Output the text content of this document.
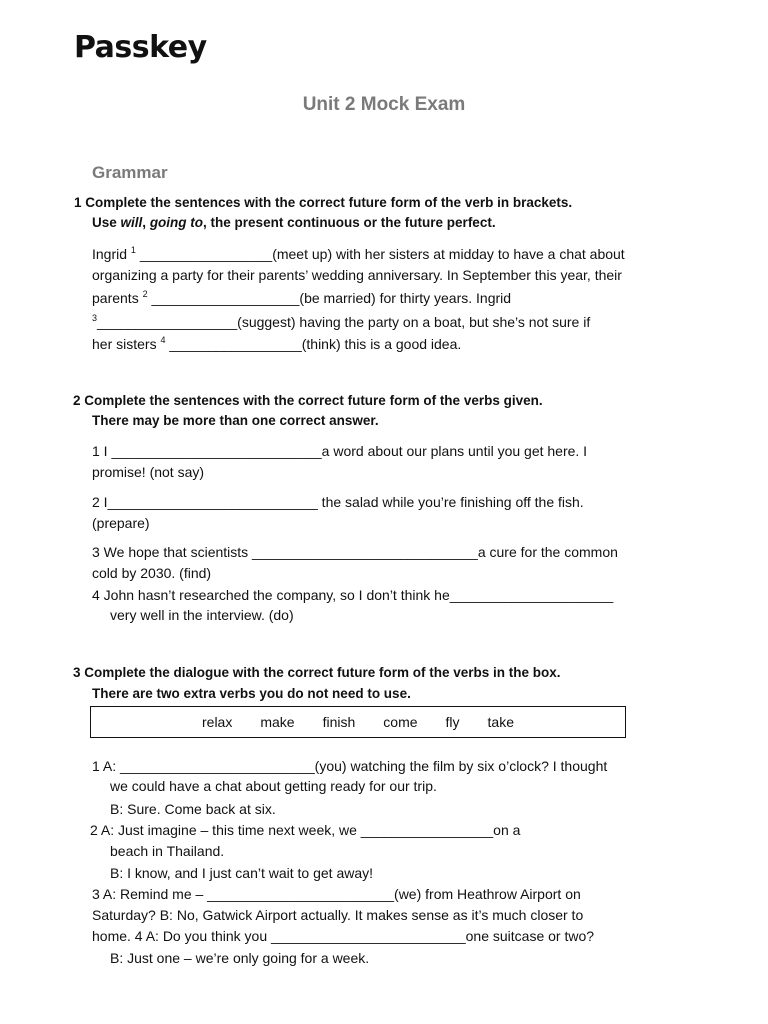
Passkey
Unit 2 Mock Exam
Grammar
1 Complete the sentences with the correct future form of the verb in brackets.
Use will, going to, the present continuous or the future perfect.
Ingrid $^1$ _________________(meet up) with her sisters at midday to have a chat about
organizing a party for their parents’ wedding anniversary. In September this year, their
parents $^2$ ___________________(be married) for thirty years. Ingrid
$^3$__________________(suggest) having the party on a boat, but she’s not sure if
her sisters $^4$ _________________(think) this is a good idea.
2 Complete the sentences with the correct future form of the verbs given.
There may be more than one correct answer.
1 I ___________________________a word about our plans until you get here. I
promise! (not say)
2 I___________________________ the salad while you’re finishing off the fish.
(prepare)
3 We hope that scientists _____________________________a cure for the common
cold by 2030. (find)
4 John hasn’t researched the company, so I don’t think he_____________________
very well in the interview. (do)
3 Complete the dialogue with the correct future form of the verbs in the box.
There are two extra verbs you do not need to use.
relax make finish come fly take
1 A: _________________________(you) watching the film by six o’clock? I thought
we could have a chat about getting ready for our trip.
B: Sure. Come back at six.
2 A: Just imagine – this time next week, we _________________on a
beach in Thailand.
B: I know, and I just can’t wait to get away!
3 A: Remind me – ________________________(we) from Heathrow Airport on
Saturday? B: No, Gatwick Airport actually. It makes sense as it’s much closer to
home. 4 A: Do you think you _________________________one suitcase or two?
B: Just one – we’re only going for a week.
